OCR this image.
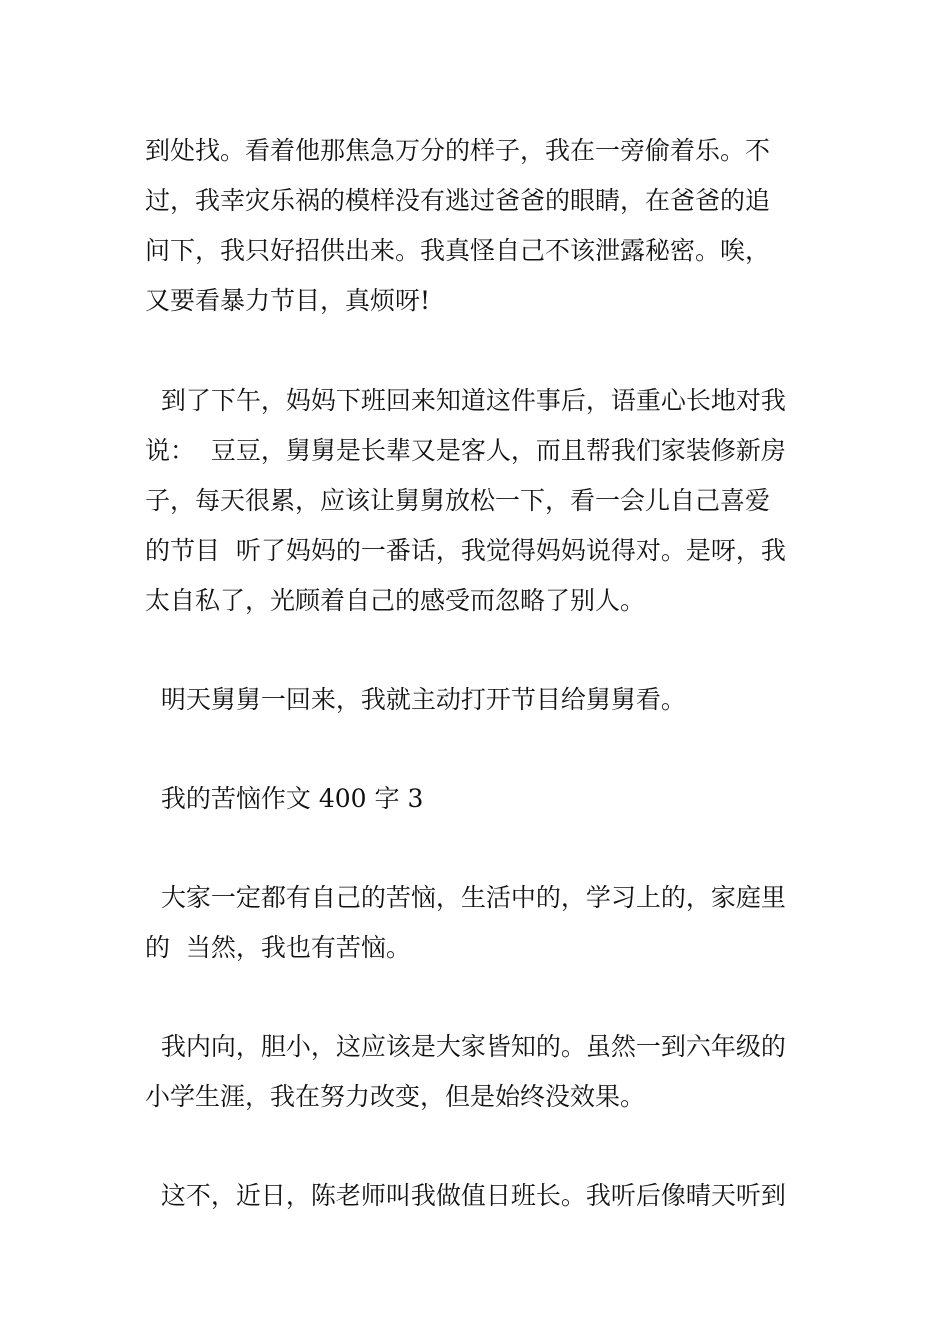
到处找。看着他那焦急万分的样子，我在一旁偷着乐。不
过，我幸灾乐祸的模样没有逃过爸爸的眼睛，在爸爸的追
问下，我只好招供出来。我真怪自己不该泄露秘密。唉，
又要看暴力节目，真烦呀!
到了下午，妈妈下班回来知道这件事后，语重心长地对我
说：  豆豆，舅舅是长辈又是客人，而且帮我们家装修新房
子，每天很累，应该让舅舅放松一下，看一会儿自己喜爱
的节目  听了妈妈的一番话，我觉得妈妈说得对。是呀，我
太自私了，光顾着自己的感受而忽略了别人。
明天舅舅一回来，我就主动打开节目给舅舅看。
我的苦恼作文 400 字 3
大家一定都有自己的苦恼，生活中的，学习上的，家庭里
的  当然，我也有苦恼。
我内向，胆小，这应该是大家皆知的。虽然一到六年级的
小学生涯，我在努力改变，但是始终没效果。
这不，近日，陈老师叫我做值日班长。我听后像晴天听到
